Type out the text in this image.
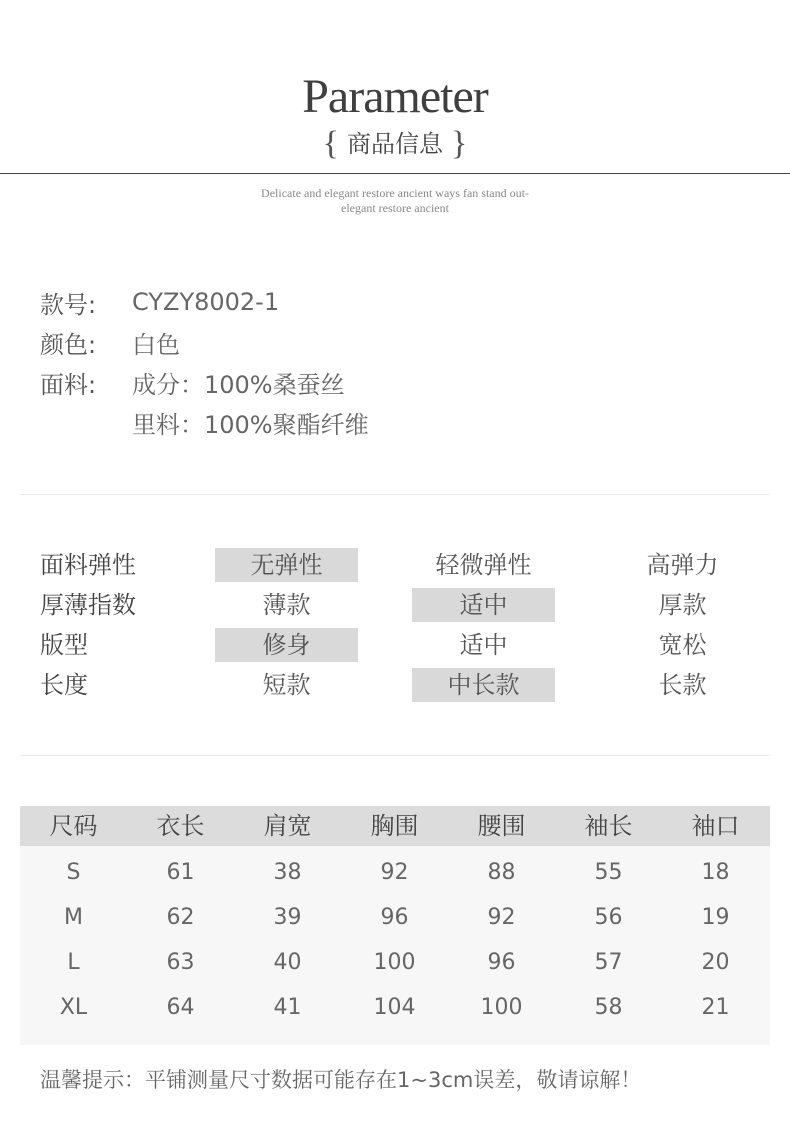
Parameter
{ 商品信息 }
Delicate and elegant restore ancient ways fan stand out-
elegant restore ancient
款号:	CYZY8002-1
颜色:	白色
面料:	成分：100%桑蚕丝
里料：100%聚酯纤维
面料弹性	无弹性	轻微弹性	高弹力
厚薄指数	薄款	适中	厚款
版型	修身	适中	宽松
长度	短款	中长款	长款
尺码	衣长	肩宽	胸围	腰围	袖长	袖口
S	61	38	92	88	55	18
M	62	39	96	92	56	19
L	63	40	100	96	57	20
XL	64	41	104	100	58	21
温馨提示：平铺测量尺寸数据可能存在1~3cm误差，敬请谅解！
